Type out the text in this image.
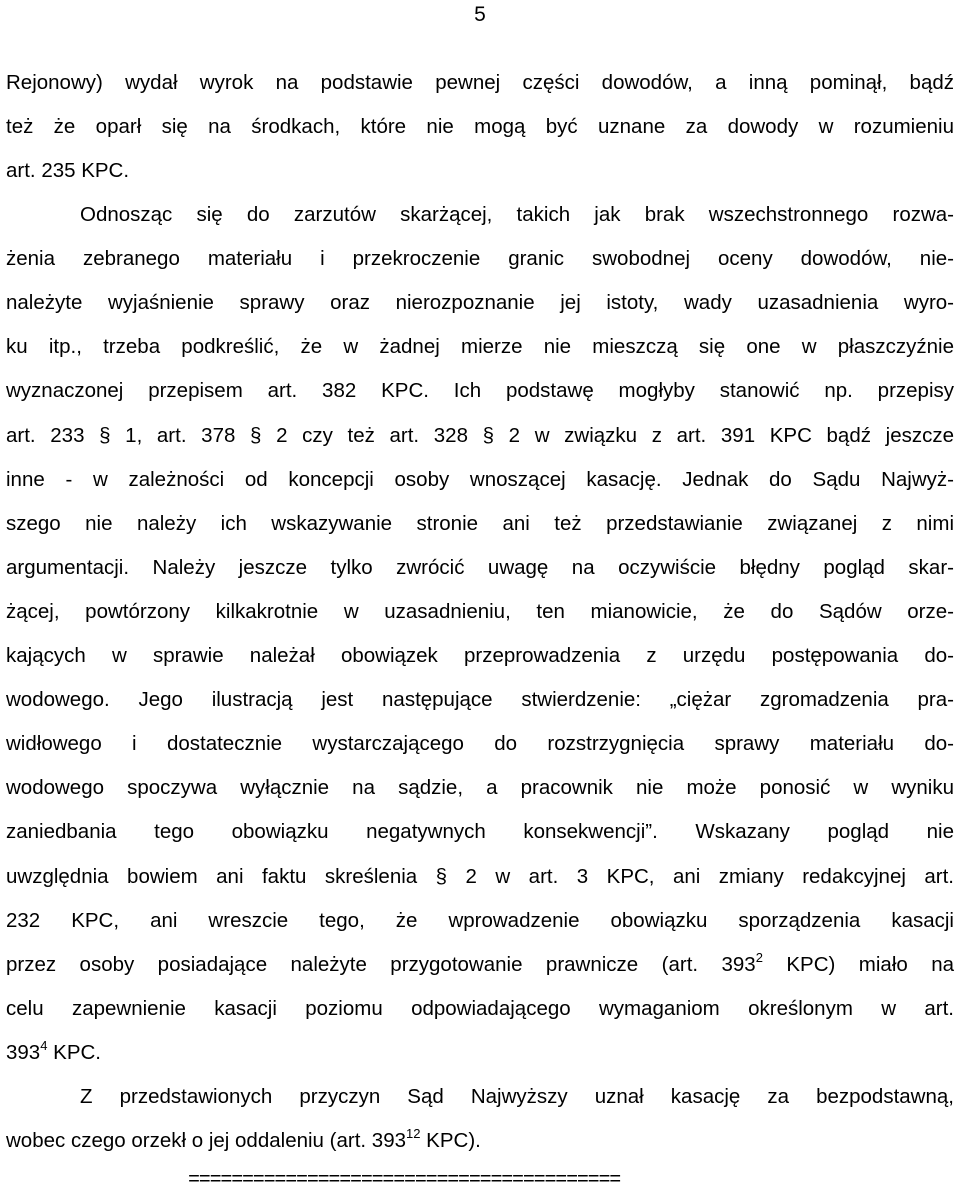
5
Rejonowy) wydał wyrok na podstawie pewnej części dowodów, a inną pominął, bądź
też że oparł się na środkach, które nie mogą być uznane za dowody w rozumieniu
art. 235 KPC.
Odnosząc się do zarzutów skarżącej, takich jak brak wszechstronnego rozwa-
żenia zebranego materiału i przekroczenie granic swobodnej oceny dowodów, nie-
należyte wyjaśnienie sprawy oraz nierozpoznanie jej istoty, wady uzasadnienia wyro-
ku itp., trzeba podkreślić, że w żadnej mierze nie mieszczą się one w płaszczyźnie
wyznaczonej przepisem art. 382 KPC. Ich podstawę mogłyby stanowić np. przepisy
art. 233 § 1, art. 378 § 2 czy też art. 328 § 2 w związku z art. 391 KPC bądź jeszcze
inne - w zależności od koncepcji osoby wnoszącej kasację. Jednak do Sądu Najwyż-
szego nie należy ich wskazywanie stronie ani też przedstawianie związanej z nimi
argumentacji. Należy jeszcze tylko zwrócić uwagę na oczywiście błędny pogląd skar-
żącej, powtórzony kilkakrotnie w uzasadnieniu, ten mianowicie, że do Sądów orze-
kających w sprawie należał obowiązek przeprowadzenia z urzędu postępowania do-
wodowego. Jego ilustracją jest następujące stwierdzenie: „ciężar zgromadzenia pra-
widłowego i dostatecznie wystarczającego do rozstrzygnięcia sprawy materiału do-
wodowego spoczywa wyłącznie na sądzie, a pracownik nie może ponosić w wyniku
zaniedbania tego obowiązku negatywnych konsekwencji”. Wskazany pogląd nie
uwzględnia bowiem ani faktu skreślenia § 2 w art. 3 KPC, ani zmiany redakcyjnej art.
232 KPC, ani wreszcie tego, że wprowadzenie obowiązku sporządzenia kasacji
przez osoby posiadające należyte przygotowanie prawnicze (art. $393^2$ KPC) miało na
celu zapewnienie kasacji poziomu odpowiadającego wymaganiom określonym w art.
$393^4$ KPC.
Z przedstawionych przyczyn Sąd Najwyższy uznał kasację za bezpodstawną,
wobec czego orzekł o jej oddaleniu (art. $393^{12}$ KPC).
========================================
